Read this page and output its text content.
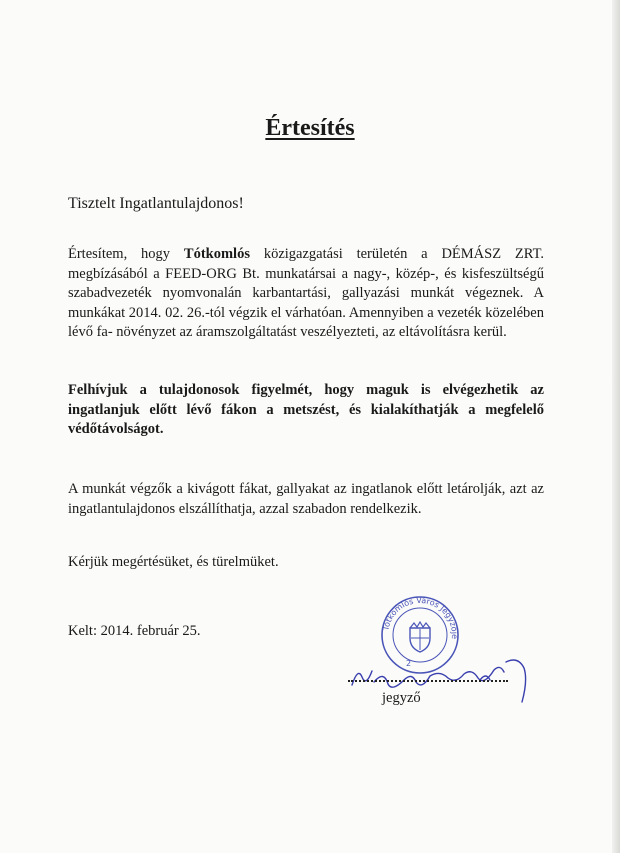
Értesítés
Tisztelt Ingatlantulajdonos!
Értesítem, hogy Tótkomlós közigazgatási területén a DÉMÁSZ ZRT. megbízásából a FEED-ORG Bt. munkatársai a nagy-, közép-, és kisfeszültségű szabadvezeték nyomvonalán karbantartási, gallyazási munkát végeznek. A munkákat 2014. 02. 26.-tól végzik el várhatóan. Amennyiben a vezeték közelében lévő fa- növényzet az áramszolgáltatást veszélyezteti, az eltávolításra kerül.
Felhívjuk a tulajdonosok figyelmét, hogy maguk is elvégezhetik az ingatlanjuk előtt lévő fákon a metszést, és kialakíthatják a megfelelő védőtávolságot.
A munkát végzők a kivágott fákat, gallyakat az ingatlanok előtt letárolják, azt az ingatlantulajdonos elszállíthatja, azzal szabadon rendelkezik.
Kérjük megértésüket, és türelmüket.
Kelt: 2014. február 25.	Tótkomlós Város Jegyzője
2
jegyző
